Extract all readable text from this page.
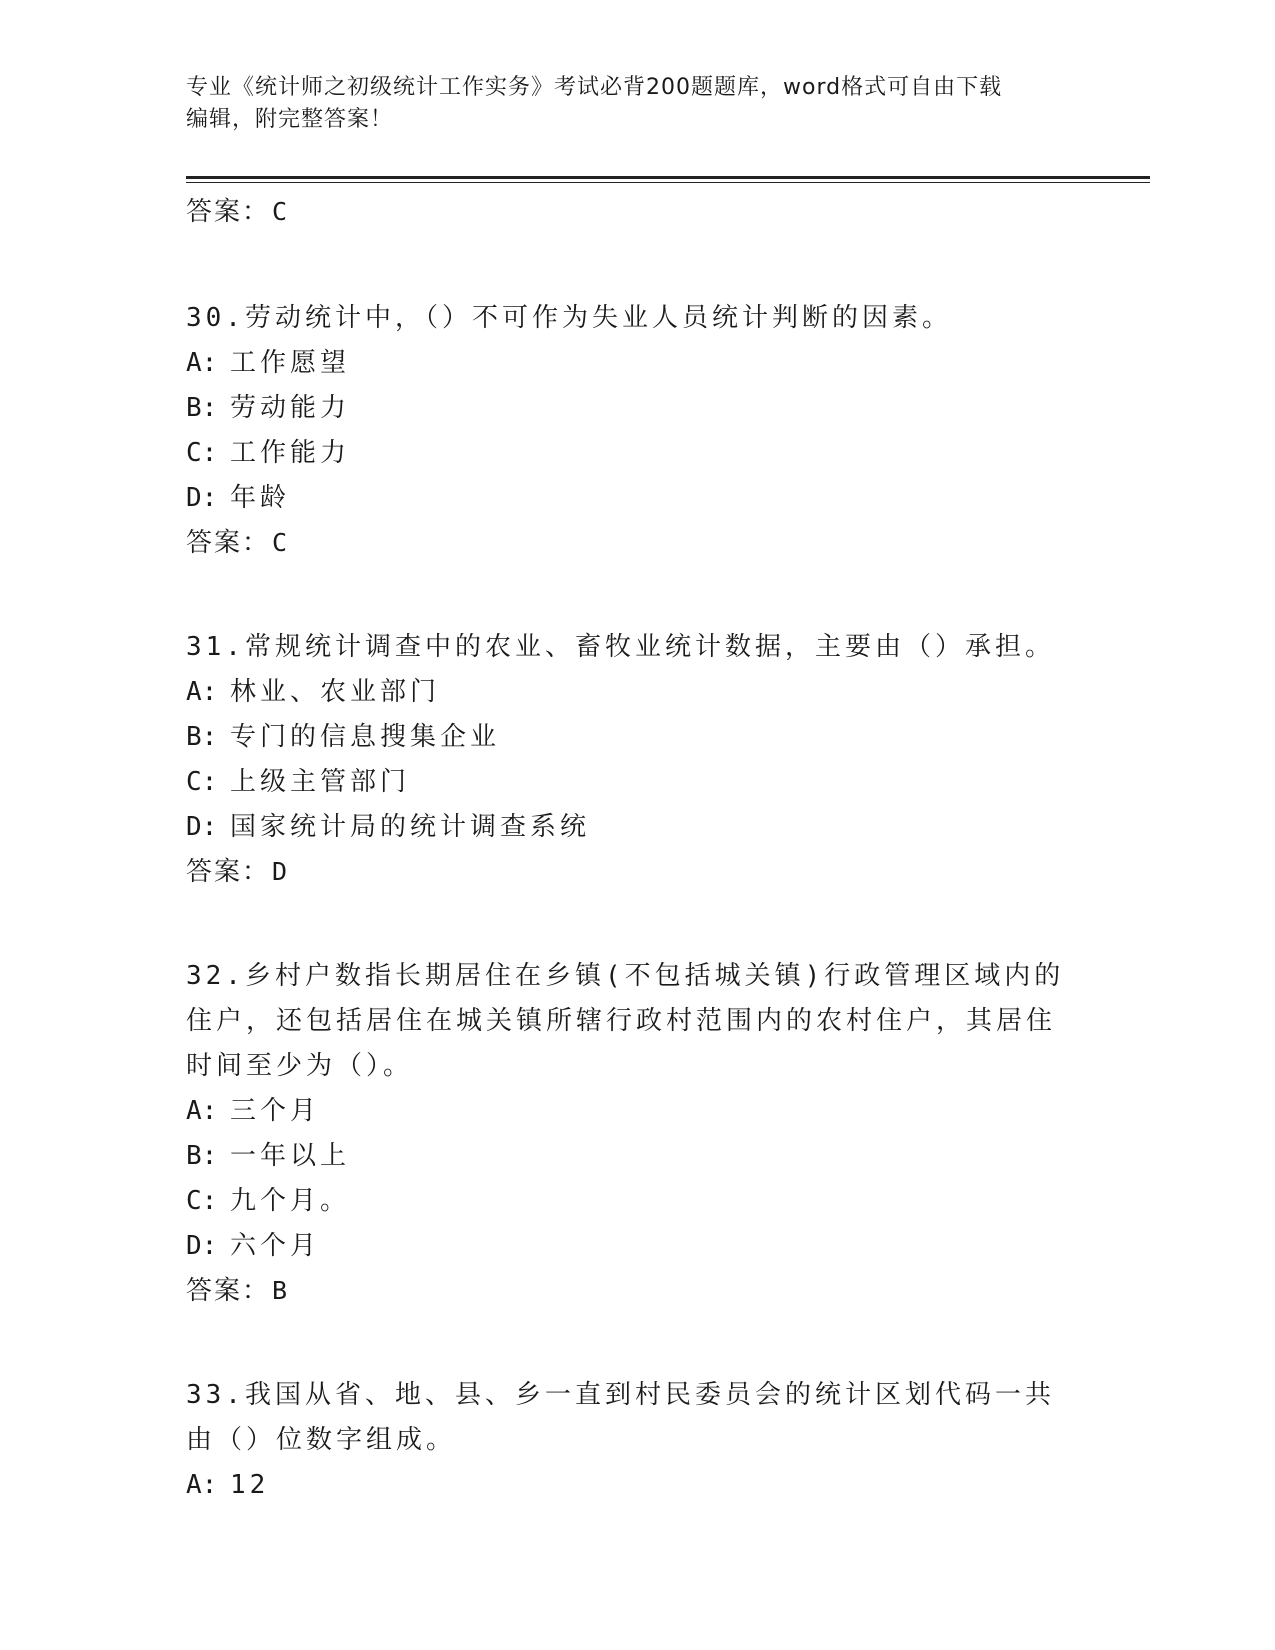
专业《统计师之初级统计工作实务》考试必背200题题库，word格式可自由下载
编辑，附完整答案！
答案： C

30.劳动统计中，（）不可作为失业人员统计判断的因素。

A: 工作愿望
B: 劳动能力
C: 工作能力
D: 年龄
答案： C

31.常规统计调查中的农业、畜牧业统计数据，主要由（）承担。

A: 林业、农业部门
B: 专门的信息搜集企业
C: 上级主管部门
D: 国家统计局的统计调查系统
答案： D

32.乡村户数指长期居住在乡镇(不包括城关镇)行政管理区域内的住户，还包括居住在城关镇所辖行政村范围内的农村住户，其居住时间至少为（）。

A: 三个月
B: 一年以上
C: 九个月。
D: 六个月
答案： B

33.我国从省、地、县、乡一直到村民委员会的统计区划代码一共由（）位数字组成。

A: 12
